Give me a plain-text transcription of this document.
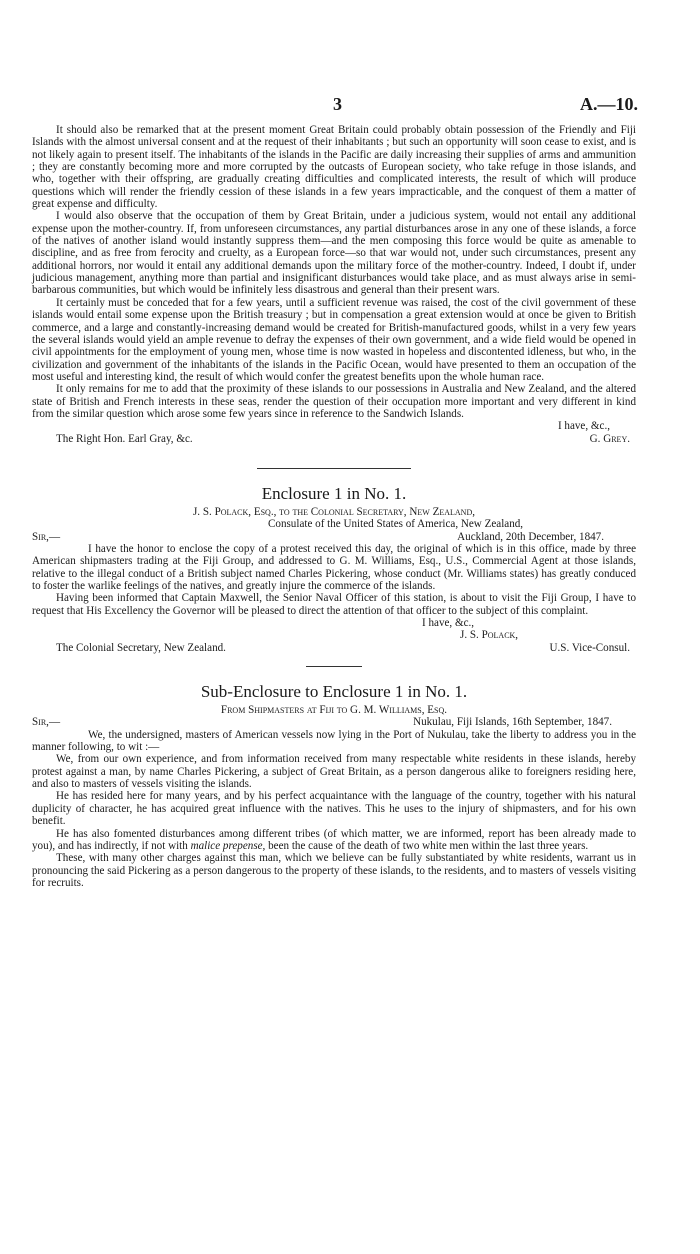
3	A.—10.

It should also be remarked that at the present moment Great Britain could probably obtain possession of the Friendly and Fiji Islands with the almost universal consent and at the request of their inhabitants ; but such an opportunity will soon cease to exist, and is not likely again to present itself. The inhabitants of the islands in the Pacific are daily increasing their supplies of arms and ammunition ; they are constantly becoming more and more corrupted by the outcasts of European society, who take refuge in those islands, and who, together with their offspring, are gradually creating difficulties and complicated interests, the result of which will produce questions which will render the friendly cession of these islands in a few years impracticable, and the conquest of them a matter of great expense and difficulty.

I would also observe that the occupation of them by Great Britain, under a judicious system, would not entail any additional expense upon the mother-country. If, from unforeseen circumstances, any partial disturbances arose in any one of these islands, a force of the natives of another island would instantly suppress them—and the men composing this force would be quite as amenable to discipline, and as free from ferocity and cruelty, as a European force—so that war would not, under such circumstances, present any additional horrors, nor would it entail any additional demands upon the military force of the mother-country. Indeed, I doubt if, under judicious management, anything more than partial and insignificant disturbances would take place, and as must always arise in semi-barbarous communities, but which would be infinitely less disastrous and general than their present wars.

It certainly must be conceded that for a few years, until a sufficient revenue was raised, the cost of the civil government of these islands would entail some expense upon the British treasury ; but in compensation a great extension would at once be given to British commerce, and a large and constantly-increasing demand would be created for British-manufactured goods, whilst in a very few years the several islands would yield an ample revenue to defray the expenses of their own government, and a wide field would be opened in civil appointments for the employment of young men, whose time is now wasted in hopeless and discontented idleness, but who, in the civilization and government of the inhabitants of the islands in the Pacific Ocean, would have presented to them an occupation of the most useful and interesting kind, the result of which would confer the greatest benefits upon the whole human race.

It only remains for me to add that the proximity of these islands to our possessions in Australia and New Zealand, and the altered state of British and French interests in these seas, render the question of their occupation more important and very different in kind from the similar question which arose some few years since in reference to the Sandwich Islands.

I have, &c.,
The Right Hon. Earl Gray, &c.	G. Grey.
Enclosure 1 in No. 1.
J. S. Polack, Esq., to the Colonial Secretary, New Zealand,
Consulate of the United States of America, New Zealand,
Sir,—	Auckland, 20th December, 1847.

I have the honor to enclose the copy of a protest received this day, the original of which is in this office, made by three American shipmasters trading at the Fiji Group, and addressed to G. M. Williams, Esq., U.S., Commercial Agent at those islands, relative to the illegal conduct of a British subject named Charles Pickering, whose conduct (Mr. Williams states) has greatly conduced to foster the warlike feelings of the natives, and greatly injure the commerce of the islands.

Having been informed that Captain Maxwell, the Senior Naval Officer of this station, is about to visit the Fiji Group, I have to request that His Excellency the Governor will be pleased to direct the attention of that officer to the subject of this complaint.

I have, &c.,
J. S. Polack,
The Colonial Secretary, New Zealand.	U.S. Vice-Consul.
Sub-Enclosure to Enclosure 1 in No. 1.
From Shipmasters at Fiji to G. M. Williams, Esq.
Sir,—	Nukulau, Fiji Islands, 16th September, 1847.

We, the undersigned, masters of American vessels now lying in the Port of Nukulau, take the liberty to address you in the manner following, to wit :—

We, from our own experience, and from information received from many respectable white residents in these islands, hereby protest against a man, by name Charles Pickering, a subject of Great Britain, as a person dangerous alike to foreigners residing here, and also to masters of vessels visiting the islands.

He has resided here for many years, and by his perfect acquaintance with the language of the country, together with his natural duplicity of character, he has acquired great influence with the natives. This he uses to the injury of shipmasters, and for his own benefit.

He has also fomented disturbances among different tribes (of which matter, we are informed, report has been already made to you), and has indirectly, if not with malice prepense, been the cause of the death of two white men within the last three years.

These, with many other charges against this man, which we believe can be fully substantiated by white residents, warrant us in pronouncing the said Pickering as a person dangerous to the property of these islands, to the residents, and to masters of vessels visiting for recruits.
